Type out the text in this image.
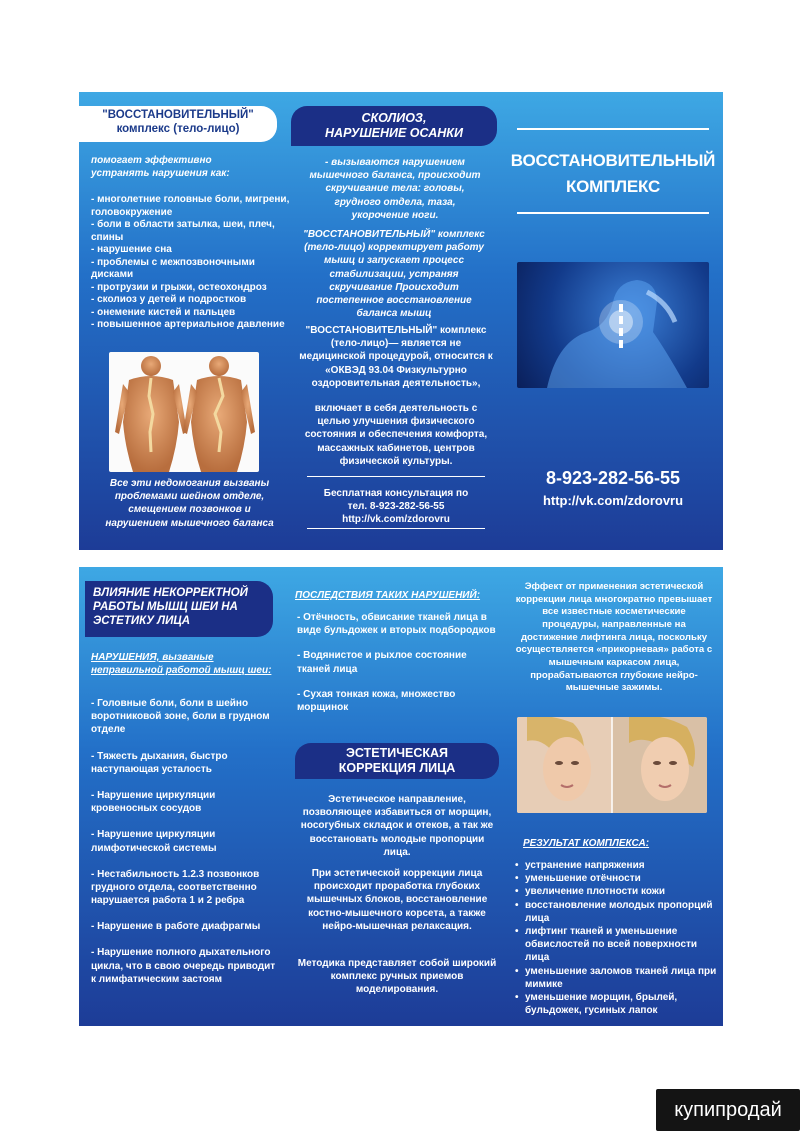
"ВОССТАНОВИТЕЛЬНЫЙ"
комплекс (тело-лицо)
помогает эффективно устранять нарушения как:
- многолетние головные боли, мигрени, головокружение
- боли в области затылка, шеи, плеч, спины
- нарушение сна
- проблемы с межпозвоночными дисками
- протрузии и грыжи, остеохондроз
- сколиоз у детей и подростков
- онемение кистей и пальцев
- повышенное артериальное давление
Все эти недомогания вызваны проблемами шейном отделе, смещением позвонков и нарушением мышечного баланса
СКОЛИОЗ,
НАРУШЕНИЕ ОСАНКИ
- вызываются нарушением мышечного баланса, происходит скручивание тела: головы, грудного отдела, таза, укорочение ноги.
"ВОССТАНОВИТЕЛЬНЫЙ" комплекс (тело-лицо) корректирует работу мышц и запускает процесс стабилизации, устраняя скручивание Происходит постепенное восстановление баланса мышц
"ВОССТАНОВИТЕЛЬНЫЙ" комплекс (тело-лицо)— является не медицинской процедурой, относится к «ОКВЭД 93.04 Физкультурно оздоровительная деятельность»,
включает в себя деятельность с целью улучшения физического состояния и обеспечения комфорта, массажных кабинетов, центров физической культуры.
Бесплатная консультация по
тел. 8-923-282-56-55
http://vk.com/zdorovru
ВОССТАНОВИТЕЛЬНЫЙ
КОМПЛЕКС
8-923-282-56-55
http://vk.com/zdorovru
ВЛИЯНИЕ НЕКОРРЕКТНОЙ РАБОТЫ МЫШЦ ШЕИ НА ЭСТЕТИКУ ЛИЦА
НАРУШЕНИЯ, вызваные
неправильной работой мышц шеи:
- Головные боли, боли в шейно воротниковой зоне, боли в грудном отделе
- Тяжесть дыхания, быстро наступающая усталость
- Нарушение циркуляции кровеносных сосудов
- Нарушение циркуляции лимфотической системы
- Нестабильность 1.2.3 позвонков грудного отдела, соответственно нарушается работа 1 и 2 ребра
- Нарушение в работе диафрагмы
- Нарушение полного дыхательного цикла, что в свою очередь приводит к лимфатическим застоям
ПОСЛЕДСТВИЯ ТАКИХ НАРУШЕНИЙ:
- Отёчность, обвисание тканей лица в виде бульдожек и вторых подбородков
- Водянистое и рыхлое состояние тканей лица
- Сухая тонкая кожа, множество морщинок
ЭСТЕТИЧЕСКАЯ
КОРРЕКЦИЯ ЛИЦА
Эстетическое направление, позволяющее избавиться от морщин, носогубных складок и отеков, а так же восстановать молодые пропорции лица.
При эстетической коррекции лица происходит проработка глубоких мышечных блоков, восстановление костно-мышечного корсета, а также нейро-мышечная релаксация.
Методика представляет собой широкий комплекс ручных приемов моделирования.
Эффект от применения эстетической коррекции лица многократно превышает все известные косметические процедуры, направленные на достижение лифтинга лица, поскольку осуществляется «прикорневая» работа с мышечным каркасом лица, прорабатываются глубокие нейро-мышечные зажимы.
РЕЗУЛЬТАТ КОМПЛЕКСА:
• устранение напряжения
• уменьшение отёчности
• увеличение плотности кожи
• восстановление молодых пропорций лица
• лифтинг тканей и уменьшение обвислостей по всей поверхности лица
• уменьшение заломов тканей лица при мимике
• уменьшение морщин, брылей, бульдожек, гусиных лапок
купипродай
